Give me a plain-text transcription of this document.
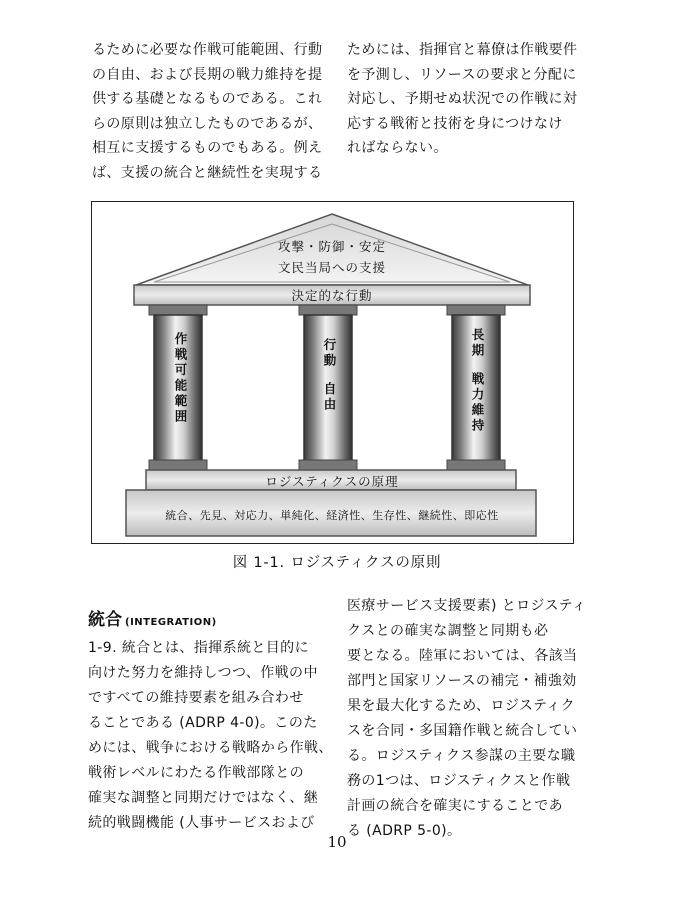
るために必要な作戦可能範囲、行動

の自由、および長期の戦力維持を提

供する基礎となるものである。これ

らの原則は独立したものであるが、

相互に支援するものでもある。例え

ば、支援の統合と継続性を実現する

ためには、指揮官と幕僚は作戦要件

を予測し、リソースの要求と分配に

対応し、予期せぬ状況での作戦に対

応する戦術と技術を身につけなけ

ればならない。

攻撃・防御・安定
文民当局への支援
決定的な行動
ロジスティクスの原理
統合、先見、対応力、単純化、経済性、生存性、継続性、即応性
作戦可能範囲	行動
自由
長期
戦力維持
図 1-1. ロジスティクスの原則
統合 (INTEGRATION)

1-9. 統合とは、指揮系統と目的に

向けた努力を維持しつつ、作戦の中

ですべての維持要素を組み合わせ

ることである (ADRP 4-0)。このた

めには、戦争における戦略から作戦、

戦術レベルにわたる作戦部隊との

確実な調整と同期だけではなく、継

続的戦闘機能 (人事サービスおよび

医療サービス支援要素) とロジスティ

クスとの確実な調整と同期も必

要となる。陸軍においては、各該当

部門と国家リソースの補完・補強効

果を最大化するため、ロジスティク

スを合同・多国籍作戦と統合してい

る。ロジスティクス参謀の主要な職

務の1つは、ロジスティクスと作戦

計画の統合を確実にすることであ

る (ADRP 5-0)。

10
